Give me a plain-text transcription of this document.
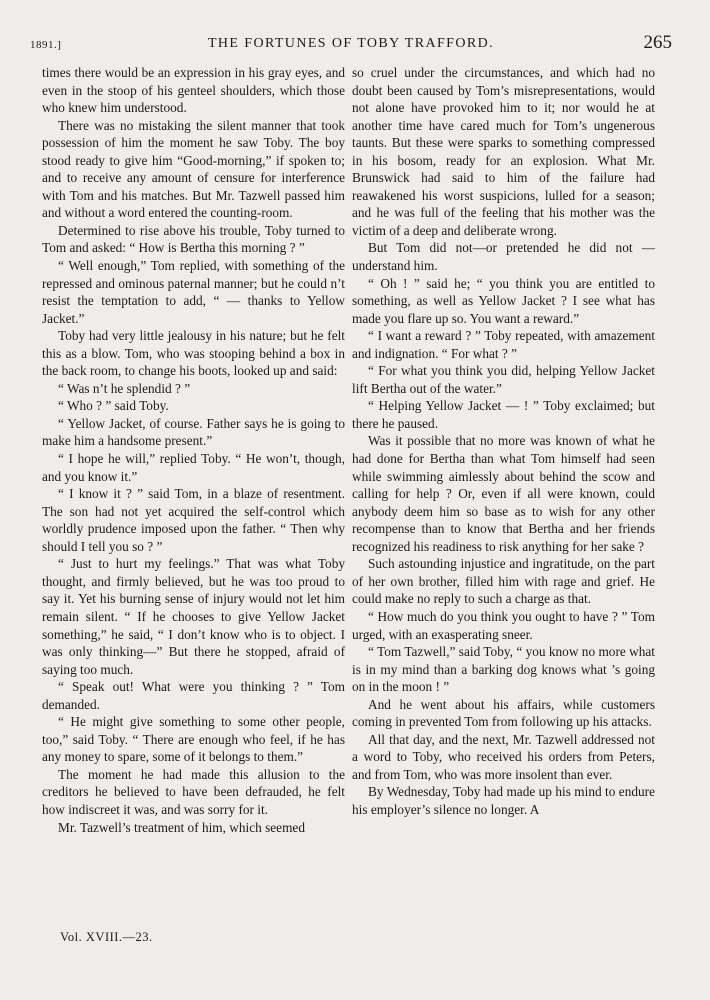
1891.]	THE FORTUNES OF TOBY TRAFFORD.	265

times there would be an expression in his gray eyes, and even in the stoop of his genteel shoulders, which those who knew him understood.

There was no mistaking the silent manner that took possession of him the moment he saw Toby. The boy stood ready to give him “Good-morning,” if spoken to; and to receive any amount of censure for interference with Tom and his matches. But Mr. Tazwell passed him and without a word entered the counting-room.

Determined to rise above his trouble, Toby turned to Tom and asked: “ How is Bertha this morning ? ”

“ Well enough,” Tom replied, with something of the repressed and ominous paternal manner; but he could n’t resist the temptation to add, “ — thanks to Yellow Jacket.”

Toby had very little jealousy in his nature; but he felt this as a blow. Tom, who was stooping behind a box in the back room, to change his boots, looked up and said:

“ Was n’t he splendid ? ”

“ Who ? ” said Toby.

“ Yellow Jacket, of course. Father says he is going to make him a handsome present.”

“ I hope he will,” replied Toby. “ He won’t, though, and you know it.”

“ I know it ? ” said Tom, in a blaze of resentment. The son had not yet acquired the self-control which worldly prudence imposed upon the father. “ Then why should I tell you so ? ”

“ Just to hurt my feelings.” That was what Toby thought, and firmly believed, but he was too proud to say it. Yet his burning sense of injury would not let him remain silent. “ If he chooses to give Yellow Jacket something,” he said, “ I don’t know who is to object. I was only thinking—” But there he stopped, afraid of saying too much.

“ Speak out! What were you thinking ? ” Tom demanded.

“ He might give something to some other people, too,” said Toby. “ There are enough who feel, if he has any money to spare, some of it belongs to them.”

The moment he had made this allusion to the creditors he believed to have been defrauded, he felt how indiscreet it was, and was sorry for it.

Mr. Tazwell’s treatment of him, which seemed

so cruel under the circumstances, and which had no doubt been caused by Tom’s misrepresentations, would not alone have provoked him to it; nor would he at another time have cared much for Tom’s ungenerous taunts. But these were sparks to something compressed in his bosom, ready for an explosion. What Mr. Brunswick had said to him of the failure had reawakened his worst suspicions, lulled for a season; and he was full of the feeling that his mother was the victim of a deep and deliberate wrong.

But Tom did not—or pretended he did not —understand him.

“ Oh ! ” said he; “ you think you are entitled to something, as well as Yellow Jacket ? I see what has made you flare up so. You want a reward.”

“ I want a reward ? ” Toby repeated, with amazement and indignation. “ For what ? ”

“ For what you think you did, helping Yellow Jacket lift Bertha out of the water.”

“ Helping Yellow Jacket — ! ” Toby exclaimed; but there he paused.

Was it possible that no more was known of what he had done for Bertha than what Tom himself had seen while swimming aimlessly about behind the scow and calling for help ? Or, even if all were known, could anybody deem him so base as to wish for any other recompense than to know that Bertha and her friends recognized his readiness to risk anything for her sake ?

Such astounding injustice and ingratitude, on the part of her own brother, filled him with rage and grief. He could make no reply to such a charge as that.

“ How much do you think you ought to have ? ” Tom urged, with an exasperating sneer.

“ Tom Tazwell,” said Toby, “ you know no more what is in my mind than a barking dog knows what ’s going on in the moon ! ”

And he went about his affairs, while customers coming in prevented Tom from following up his attacks.

All that day, and the next, Mr. Tazwell addressed not a word to Toby, who received his orders from Peters, and from Tom, who was more insolent than ever.

By Wednesday, Toby had made up his mind to endure his employer’s silence no longer. A

Vol. XVIII.—23.
